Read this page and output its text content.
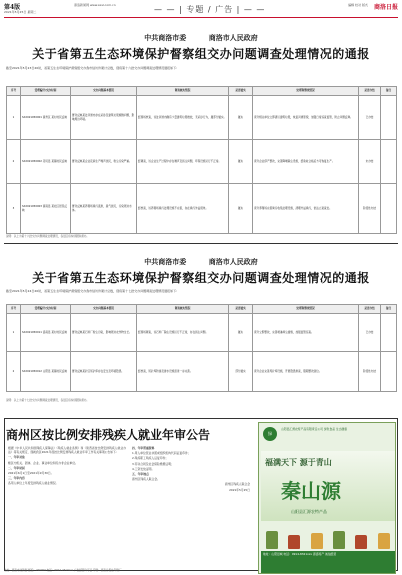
第4版
2021年5月25日 星期二
商洛新闻网 www.sxsl.com.cn	— — | 专题 / 广告 | — —	编辑 校对 版式 商洛日报
中共商洛市委	商洛市人民政府
关于省第五生态环境保护督察组交办问题调查处理情况的通报
截至2021年5月23日20时，省第五生态环境保护督察组交办我市信访件累计总数，现将第十六批交办问题调查处理情况通报如下：
序号	受理编号/交办时间	交办问题基本情况	调查核实情况	是否属实	处理和整改情况	是否办结	备注
1	SX2021050001 商州区 某村村民反映	群众反映某处河道内存在采砂及建筑垃圾倾倒问题，影响周边环境。	经现场核查，该处河道内确有少量建筑垃圾堆放，无采砂行为，属部分属实。	属实	责令相关单位立即清运建筑垃圾，恢复河道原貌，加强日常巡查监管，防止问题反弹。	已办结	
2	SX2021050002 丹凤县 某镇村民反映	群众反映某企业夜间生产噪声扰民，粉尘污染严重。	经调查，该企业生产过程中存在噪声及扬尘问题，环保设施运行不正常。	属实	责令企业停产整改，完善降噪除尘设施，经验收合格后方可恢复生产。	未办结	
3	SX2021050003 商南县 某社区居民反映	群众反映某养殖场粪污直排，臭气扰民，污染周边水体。	经核查，该养殖场粪污处理设施不完善，存在粪污外溢现象。	属实	责令养殖场完善粪污收集处理设施，清理外溢粪污，依法立案查处。	阶段性办结	
说明：以上为第十六批交办问题调查处理情况，各县区将持续跟踪督办。
中共商洛市委	商洛市人民政府
关于省第五生态环境保护督察组交办问题调查处理情况的通报
截至2021年5月24日20时，省第五生态环境保护督察组交办我市信访件累计总数，现将第十七批交办问题调查处理情况通报如下：
序号	受理编号/交办时间	交办问题基本情况	调查核实情况	是否属实	处理和整改情况	是否办结	备注
1	SX2021050011 洛南县 某村村民反映	群众反映某石料厂粉尘污染，影响周边农作物生长。	经现场调查，该石料厂除尘设施运行不正常，存在扬尘问题。	属实	责令立即整改，完善喷淋抑尘措施，加强监管巡查。	已办结	
2	SX2021050012 山阳县 某镇村民反映	群众反映某矿区尾矿库存在安全及环境隐患。	经核查，尾矿库防渗及排水设施需进一步完善。	部分属实	责令企业完善尾矿库设施，开展隐患排查，限期整改到位。	阶段性办结	
说明：以上为第十七批交办问题调查处理情况，各县区将持续跟踪督办。
商州区按比例安排残疾人就业年审公告

根据《中华人民共和国残疾人保障法》《残疾人就业条例》和《陕西省按比例安排残疾人就业办法》等有关规定，现就我区2021年度按比例安排残疾人就业年审工作有关事项公告如下：

一、年审对象

辖区内机关、团体、企业、事业单位和民办非企业单位。

二、年审时间

2021年6月1日至2021年9月30日。

三、年审内容

各用人单位上年度安排残疾人就业情况。

四、年审所需资料

1.用人单位营业执照或组织机构代码证复印件；

2.残疾职工残疾人证复印件；

3.劳动合同及社会保险缴费证明；

4.工资发放证明。

五、年审地点

商州区残疾人联合会。

商州区残疾人联合会

2021年5月25日

绿
山阳县汇源农特产品有限责任公司 绿色食品 生态健康
福满天下 源于青山
秦山源
山阳县汇源农特产品
地址：山阳县城 电话：0914-8321xxx 商洛特产 诚信经营
地址：商洛市北新街 邮编：726000 电话：0914-2313xxx 广告经营许可证 印刷：商洛日报社印刷厂
